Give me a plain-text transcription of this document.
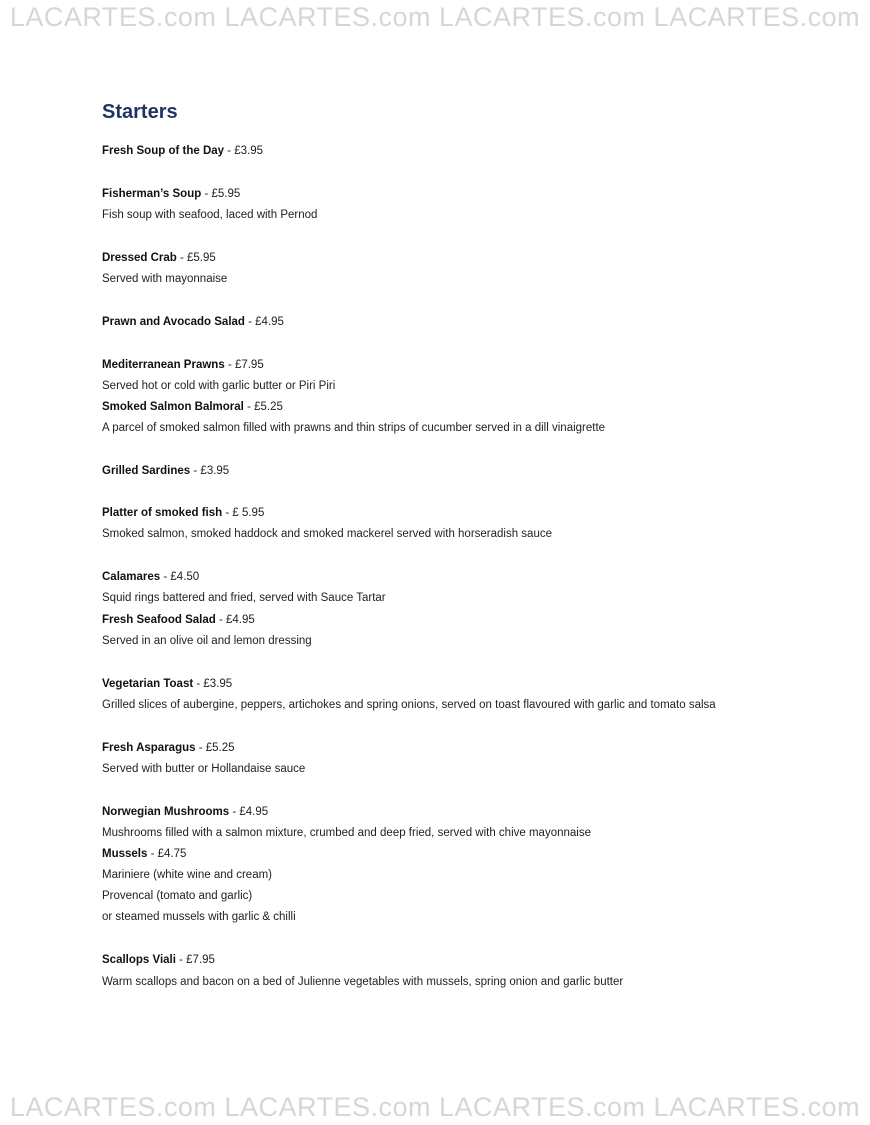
LACARTES.com LACARTES.com LACARTES.com LACARTES.com
Starters
Fresh Soup of the Day - £3.95
Fisherman’s Soup - £5.95
Fish soup with seafood, laced with Pernod
Dressed Crab - £5.95
Served with mayonnaise
Prawn and Avocado Salad - £4.95
Mediterranean Prawns - £7.95
Served hot or cold with garlic butter or Piri Piri
Smoked Salmon Balmoral - £5.25
A parcel of smoked salmon filled with prawns and thin strips of cucumber served in a dill vinaigrette
Grilled Sardines - £3.95
Platter of smoked fish - £ 5.95
Smoked salmon, smoked haddock and smoked mackerel served with horseradish sauce
Calamares - £4.50
Squid rings battered and fried, served with Sauce Tartar
Fresh Seafood Salad - £4.95
Served in an olive oil and lemon dressing
Vegetarian Toast - £3.95
Grilled slices of aubergine, peppers, artichokes and spring onions, served on toast flavoured with garlic and tomato salsa
Fresh Asparagus - £5.25
Served with butter or Hollandaise sauce
Norwegian Mushrooms - £4.95
Mushrooms filled with a salmon mixture, crumbed and deep fried, served with chive mayonnaise
Mussels - £4.75
Mariniere (white wine and cream)
Provencal (tomato and garlic)
or steamed mussels with garlic & chilli
Scallops Viali - £7.95
Warm scallops and bacon on a bed of Julienne vegetables with mussels, spring onion and garlic butter
LACARTES.com LACARTES.com LACARTES.com LACARTES.com
